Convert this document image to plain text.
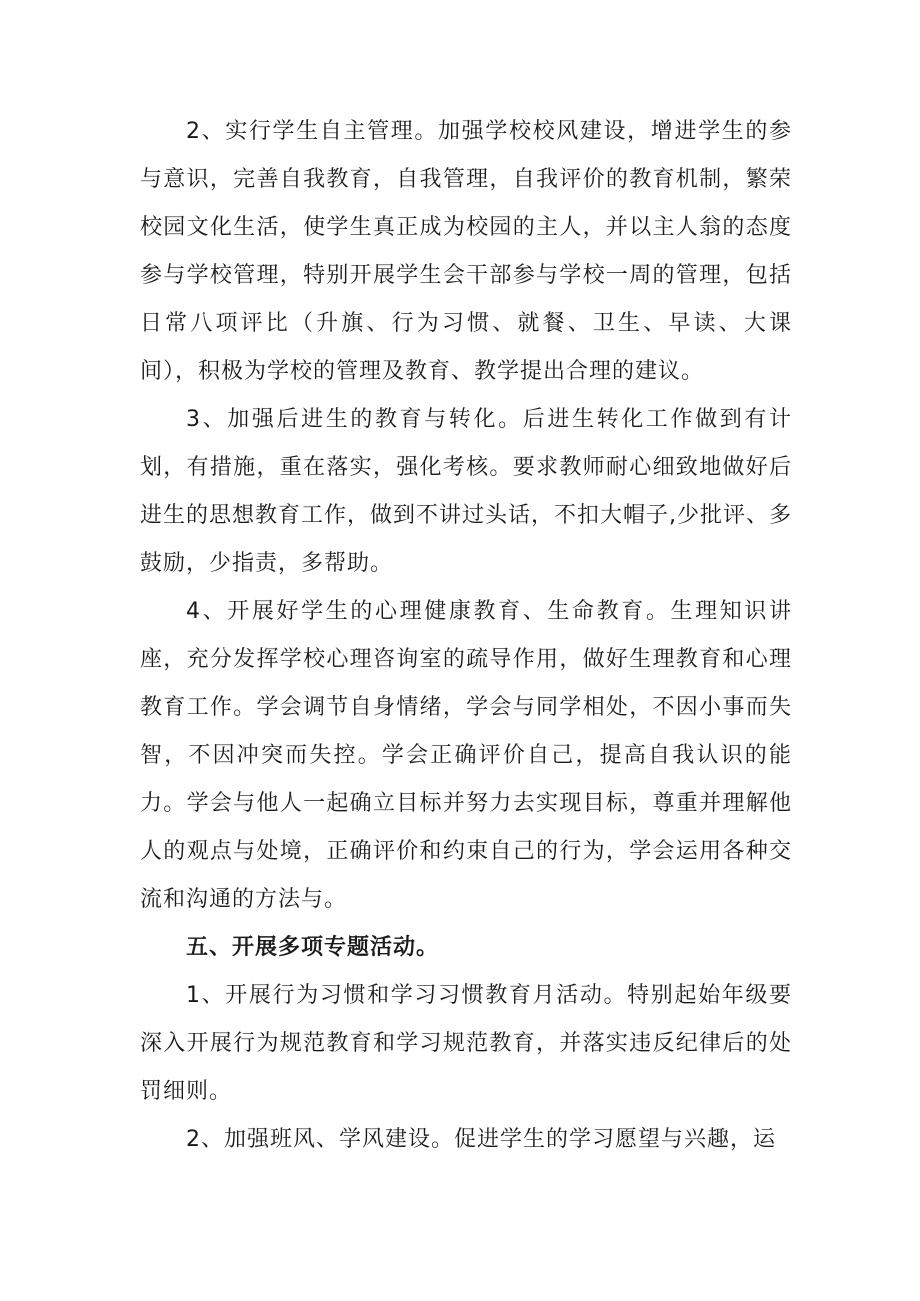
2、实行学生自主管理。加强学校校风建设，增进学生的参与意识，完善自我教育，自我管理，自我评价的教育机制，繁荣校园文化生活，使学生真正成为校园的主人，并以主人翁的态度参与学校管理，特别开展学生会干部参与学校一周的管理，包括日常八项评比（升旗、行为习惯、就餐、卫生、早读、大课间），积极为学校的管理及教育、教学提出合理的建议。

3、加强后进生的教育与转化。后进生转化工作做到有计划，有措施，重在落实，强化考核。要求教师耐心细致地做好后进生的思想教育工作，做到不讲过头话，不扣大帽子,少批评、多鼓励，少指责，多帮助。

4、开展好学生的心理健康教育、生命教育。生理知识讲座，充分发挥学校心理咨询室的疏导作用，做好生理教育和心理教育工作。学会调节自身情绪，学会与同学相处，不因小事而失智，不因冲突而失控。学会正确评价自己，提高自我认识的能力。学会与他人一起确立目标并努力去实现目标，尊重并理解他人的观点与处境，正确评价和约束自己的行为，学会运用各种交流和沟通的方法与。

五、开展多项专题活动。

1、开展行为习惯和学习习惯教育月活动。特别起始年级要深入开展行为规范教育和学习规范教育，并落实违反纪律后的处罚细则。

2、加强班风、学风建设。促进学生的学习愿望与兴趣，运
